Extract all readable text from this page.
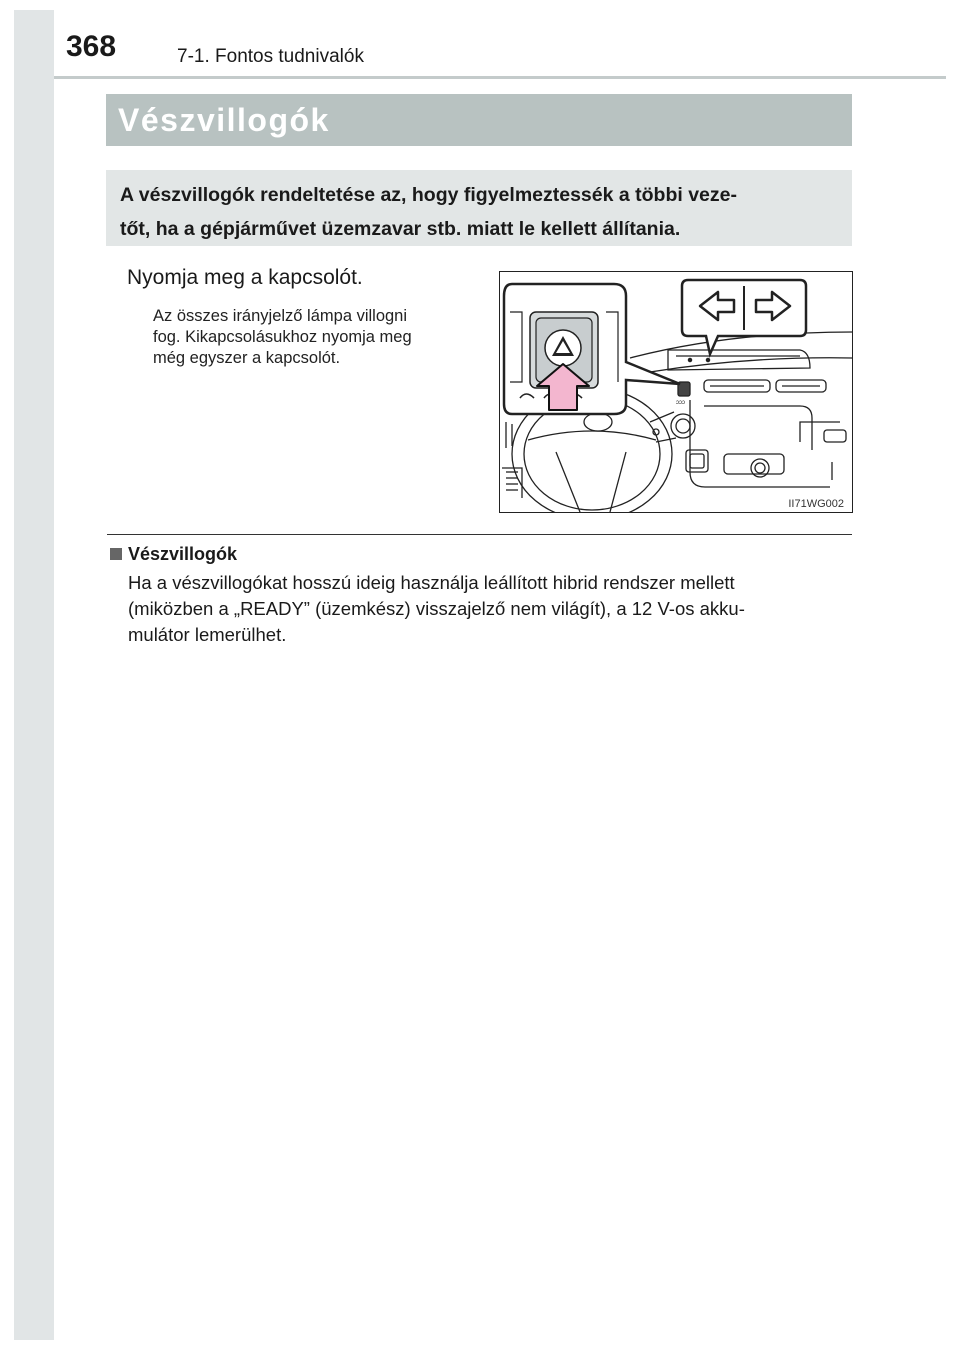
368	7-1. Fontos tudnivalók
Vészvillogók

A vészvillogók rendeltetése az, hogy figyelmeztessék a többi veze-
tőt, ha a gépjárművet üzemzavar stb. miatt le kellett állítania.

Nyomja meg a kapcsolót.
Az összes irányjelző lámpa villogni
fog. Kikapcsolásukhoz nyomja meg
még egyszer a kapcsolót.
ↄↄↄ
II71WG002
Vészvillogók

Ha a vészvillogókat hosszú ideig használja leállított hibrid rendszer mellett
(miközben a „READY” (üzemkész) visszajelző nem világít), a 12 V-os akku-
mulátor lemerülhet.
